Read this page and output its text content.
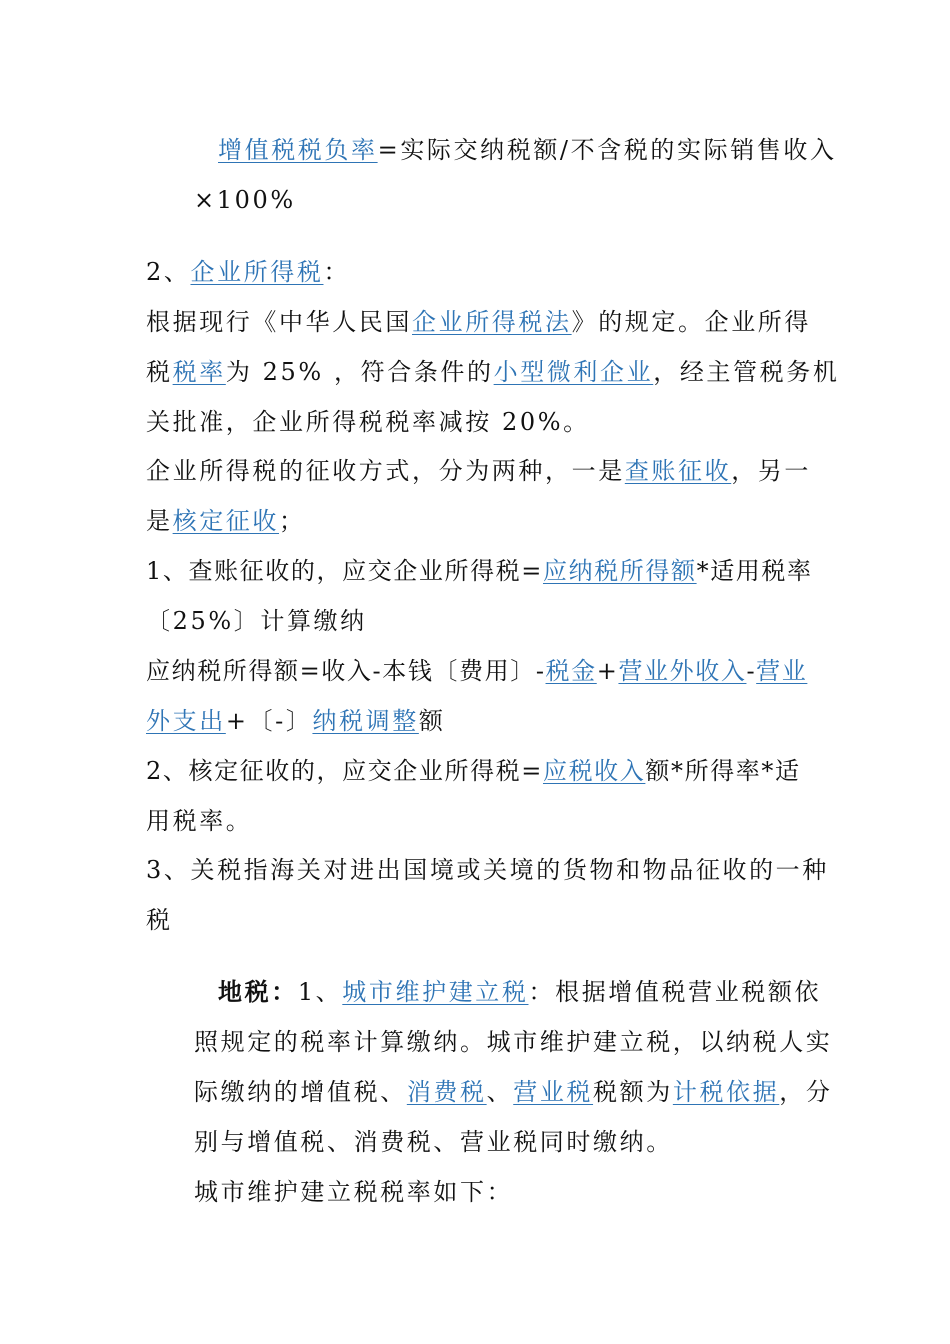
增值税税负率=实际交纳税额/不含税的实际销售收入
×100%
2、企业所得税：
根据现行《中华人民国企业所得税法》的规定。企业所得
税税率为 25% ，符合条件的小型微利企业，经主管税务机
关批准，企业所得税税率减按 20%。
企业所得税的征收方式，分为两种，一是查账征收，另一
是核定征收；
1、查账征收的，应交企业所得税=应纳税所得额*适用税率
〔25%〕计算缴纳
应纳税所得额=收入-本钱〔费用〕-税金+营业外收入-营业
外支出+〔-〕纳税调整额
2、核定征收的，应交企业所得税=应税收入额*所得率*适
用税率。
3、关税指海关对进出国境或关境的货物和物品征收的一种
税
地税：1、城市维护建立税：根据增值税营业税额依
照规定的税率计算缴纳。城市维护建立税，以纳税人实
际缴纳的增值税、消费税、营业税税额为计税依据，分
别与增值税、消费税、营业税同时缴纳。
城市维护建立税税率如下：
